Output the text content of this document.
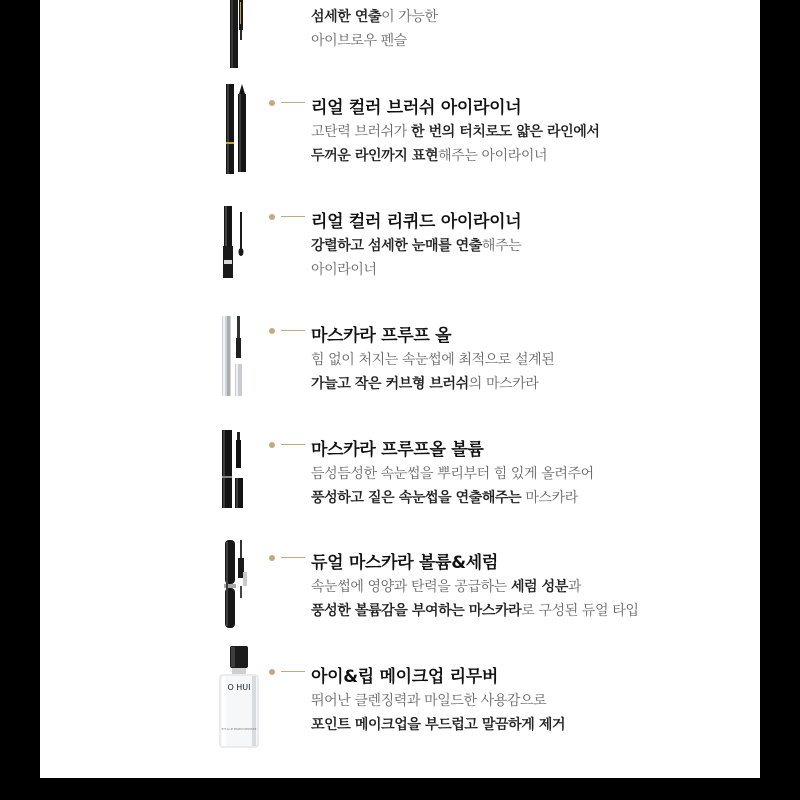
섬세한 연출이 가능한
아이브로우 펜슬
리얼 컬러 브러쉬 아이라이너
고탄력 브러쉬가 한 번의 터치로도 얇은 라인에서
두꺼운 라인까지 표현해주는 아이라이너
리얼 컬러 리퀴드 아이라이너
강렬하고 섬세한 눈매를 연출해주는
아이라이너
마스카라 프루프 올
힘 없이 처지는 속눈썹에 최적으로 설계된
가늘고 작은 커브형 브러쉬의 마스카라
마스카라 프루프올 볼륨
듬성듬성한 속눈썹을 뿌리부터 힘 있게 올려주어
풍성하고 짙은 속눈썹을 연출해주는 마스카라
듀얼 마스카라 볼륨&세럼
속눈썹에 영양과 탄력을 공급하는 세럼 성분과
풍성한 볼륨감을 부여하는 마스카라로 구성된 듀얼 타입
O HUI
EYE & LIP MAKEUP REMOVER
아이&립 메이크업 리무버
뛰어난 클렌징력과 마일드한 사용감으로
포인트 메이크업을 부드럽고 말끔하게 제거
